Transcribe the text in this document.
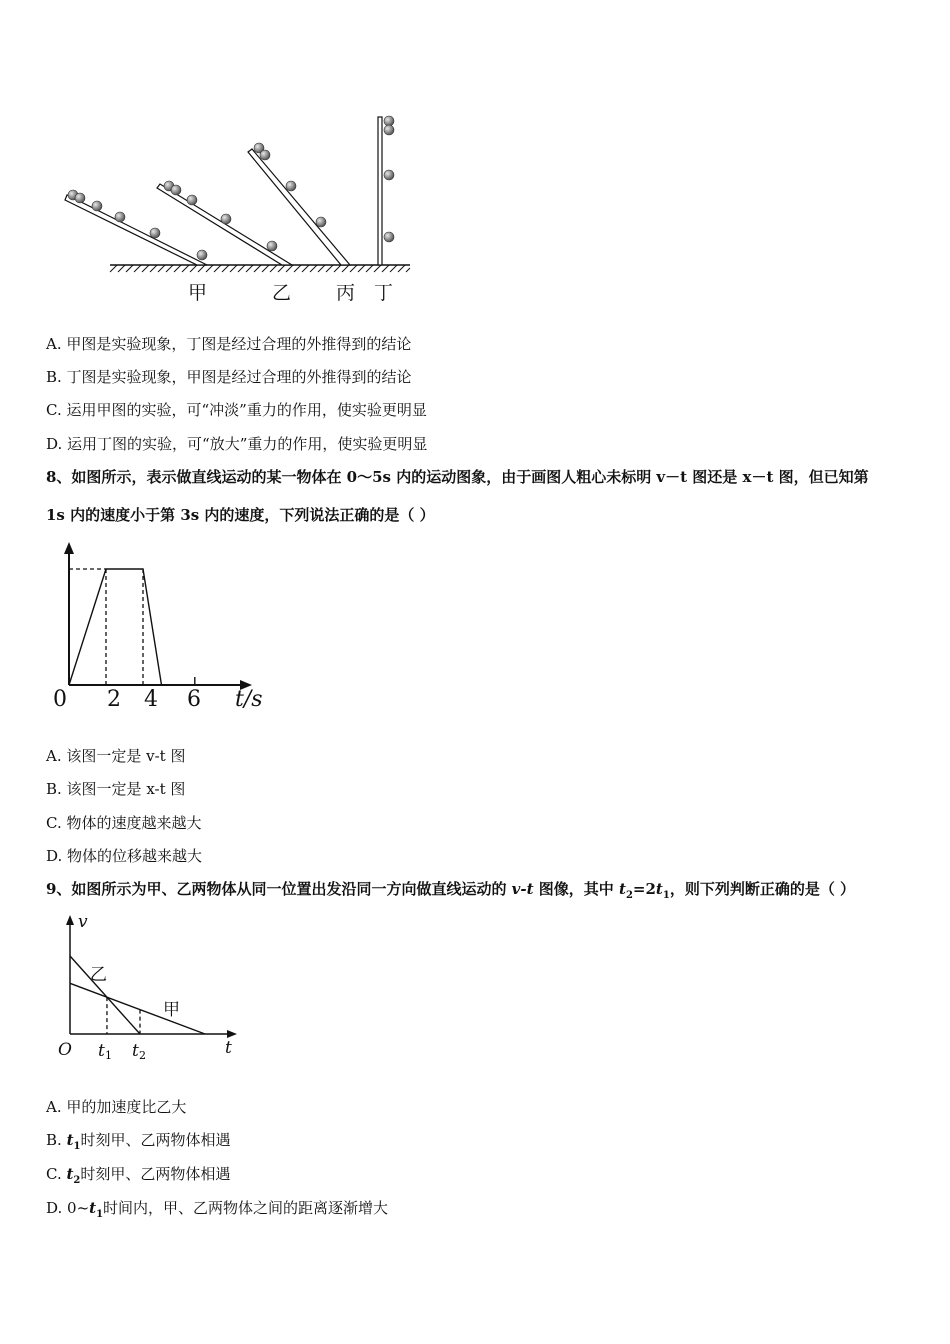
甲	乙 丙 丁
A. 甲图是实验现象，丁图是经过合理的外推得到的结论
B. 丁图是实验现象，甲图是经过合理的外推得到的结论
C. 运用甲图的实验，可“冲淡”重力的作用，使实验更明显
D. 运用丁图的实验，可“放大”重力的作用，使实验更明显
8、如图所示，表示做直线运动的某一物体在 0～5s 内的运动图象，由于画图人粗心未标明 v－t 图还是 x－t 图，但已知第
1s 内的速度小于第 3s 内的速度，下列说法正确的是（ ）
0 2 4 6 t/s
A. 该图一定是 v-t 图
B. 该图一定是 x-t 图
C. 物体的速度越来越大
D. 物体的位移越来越大
9、如图所示为甲、乙两物体从同一位置出发沿同一方向做直线运动的 v-t 图像，其中 $t_2=2t_1$，则下列判断正确的是（ ）
v
O	t
t 1 t 2
乙
甲
A. 甲的加速度比乙大
B. $t_1$时刻甲、乙两物体相遇
C. $t_2$时刻甲、乙两物体相遇
D. $0\sim t_1$时间内，甲、乙两物体之间的距离逐渐增大
